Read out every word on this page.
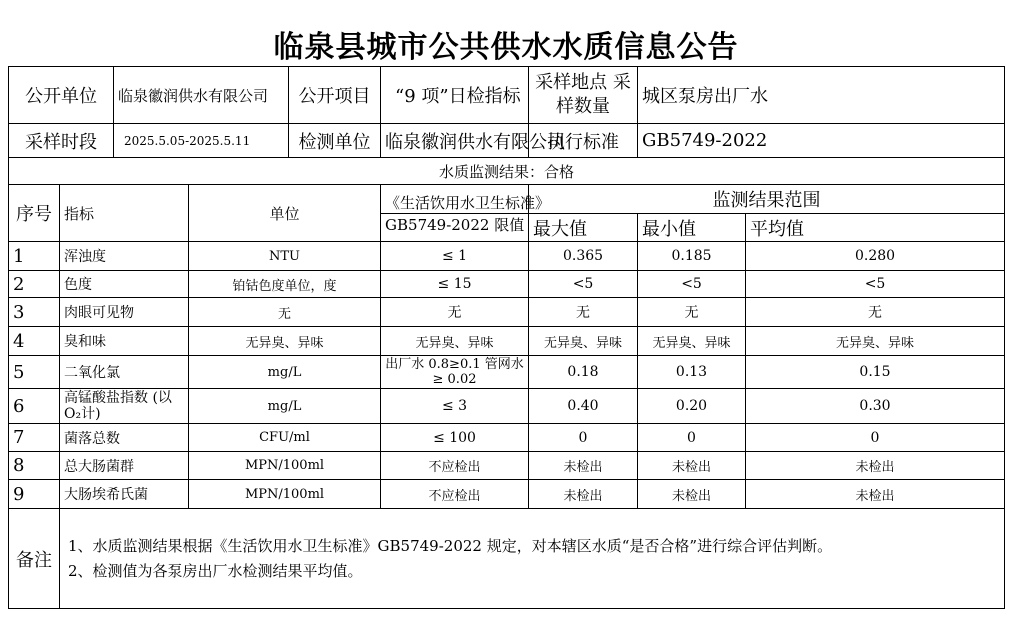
临泉县城市公共供水水质信息公告
公开单位		临泉徽润供水有限公司		公开项目	“9 项”日检指标	采样地点 采样数量	城区泵房出厂水	
采样时段		2025.5.05-2025.5.11		检测单位	临泉徽润供水有限公司	执行标准	GB5749-2022	
水质监测结果：合格								
序号	指标		单位		《生活饮用水卫生标准》	监测结果范围		
					GB5749-2022 限值	最大值	最小值	平均值
1	浑浊度		NTU		≤ 1	0.365	0.185	0.280
2	色度		铂钴色度单位，度		≤ 15	<5	<5	<5
3	肉眼可见物		无		无	无	无	无
4	臭和味		无异臭、异味		无异臭、异味	无异臭、异味	无异臭、异味	无异臭、异味
5	二氧化氯		mg/L		出厂水 0.8≥0.1 管网水≥ 0.02	0.18	0.13	0.15
6	高锰酸盐指数 (以 O₂计)		mg/L		≤ 3	0.40	0.20	0.30
7	菌落总数		CFU/ml		≤ 100	0	0	0
8	总大肠菌群		MPN/100ml		不应检出	未检出	未检出	未检出
9	大肠埃希氏菌		MPN/100ml		不应检出	未检出	未检出	未检出
备注	1、水质监测结果根据《生活饮用水卫生标准》GB5749-2022 规定，对本辖区水质“是否合格”进行综合评估判断。
2、检测值为各泵房出厂水检测结果平均值。							
